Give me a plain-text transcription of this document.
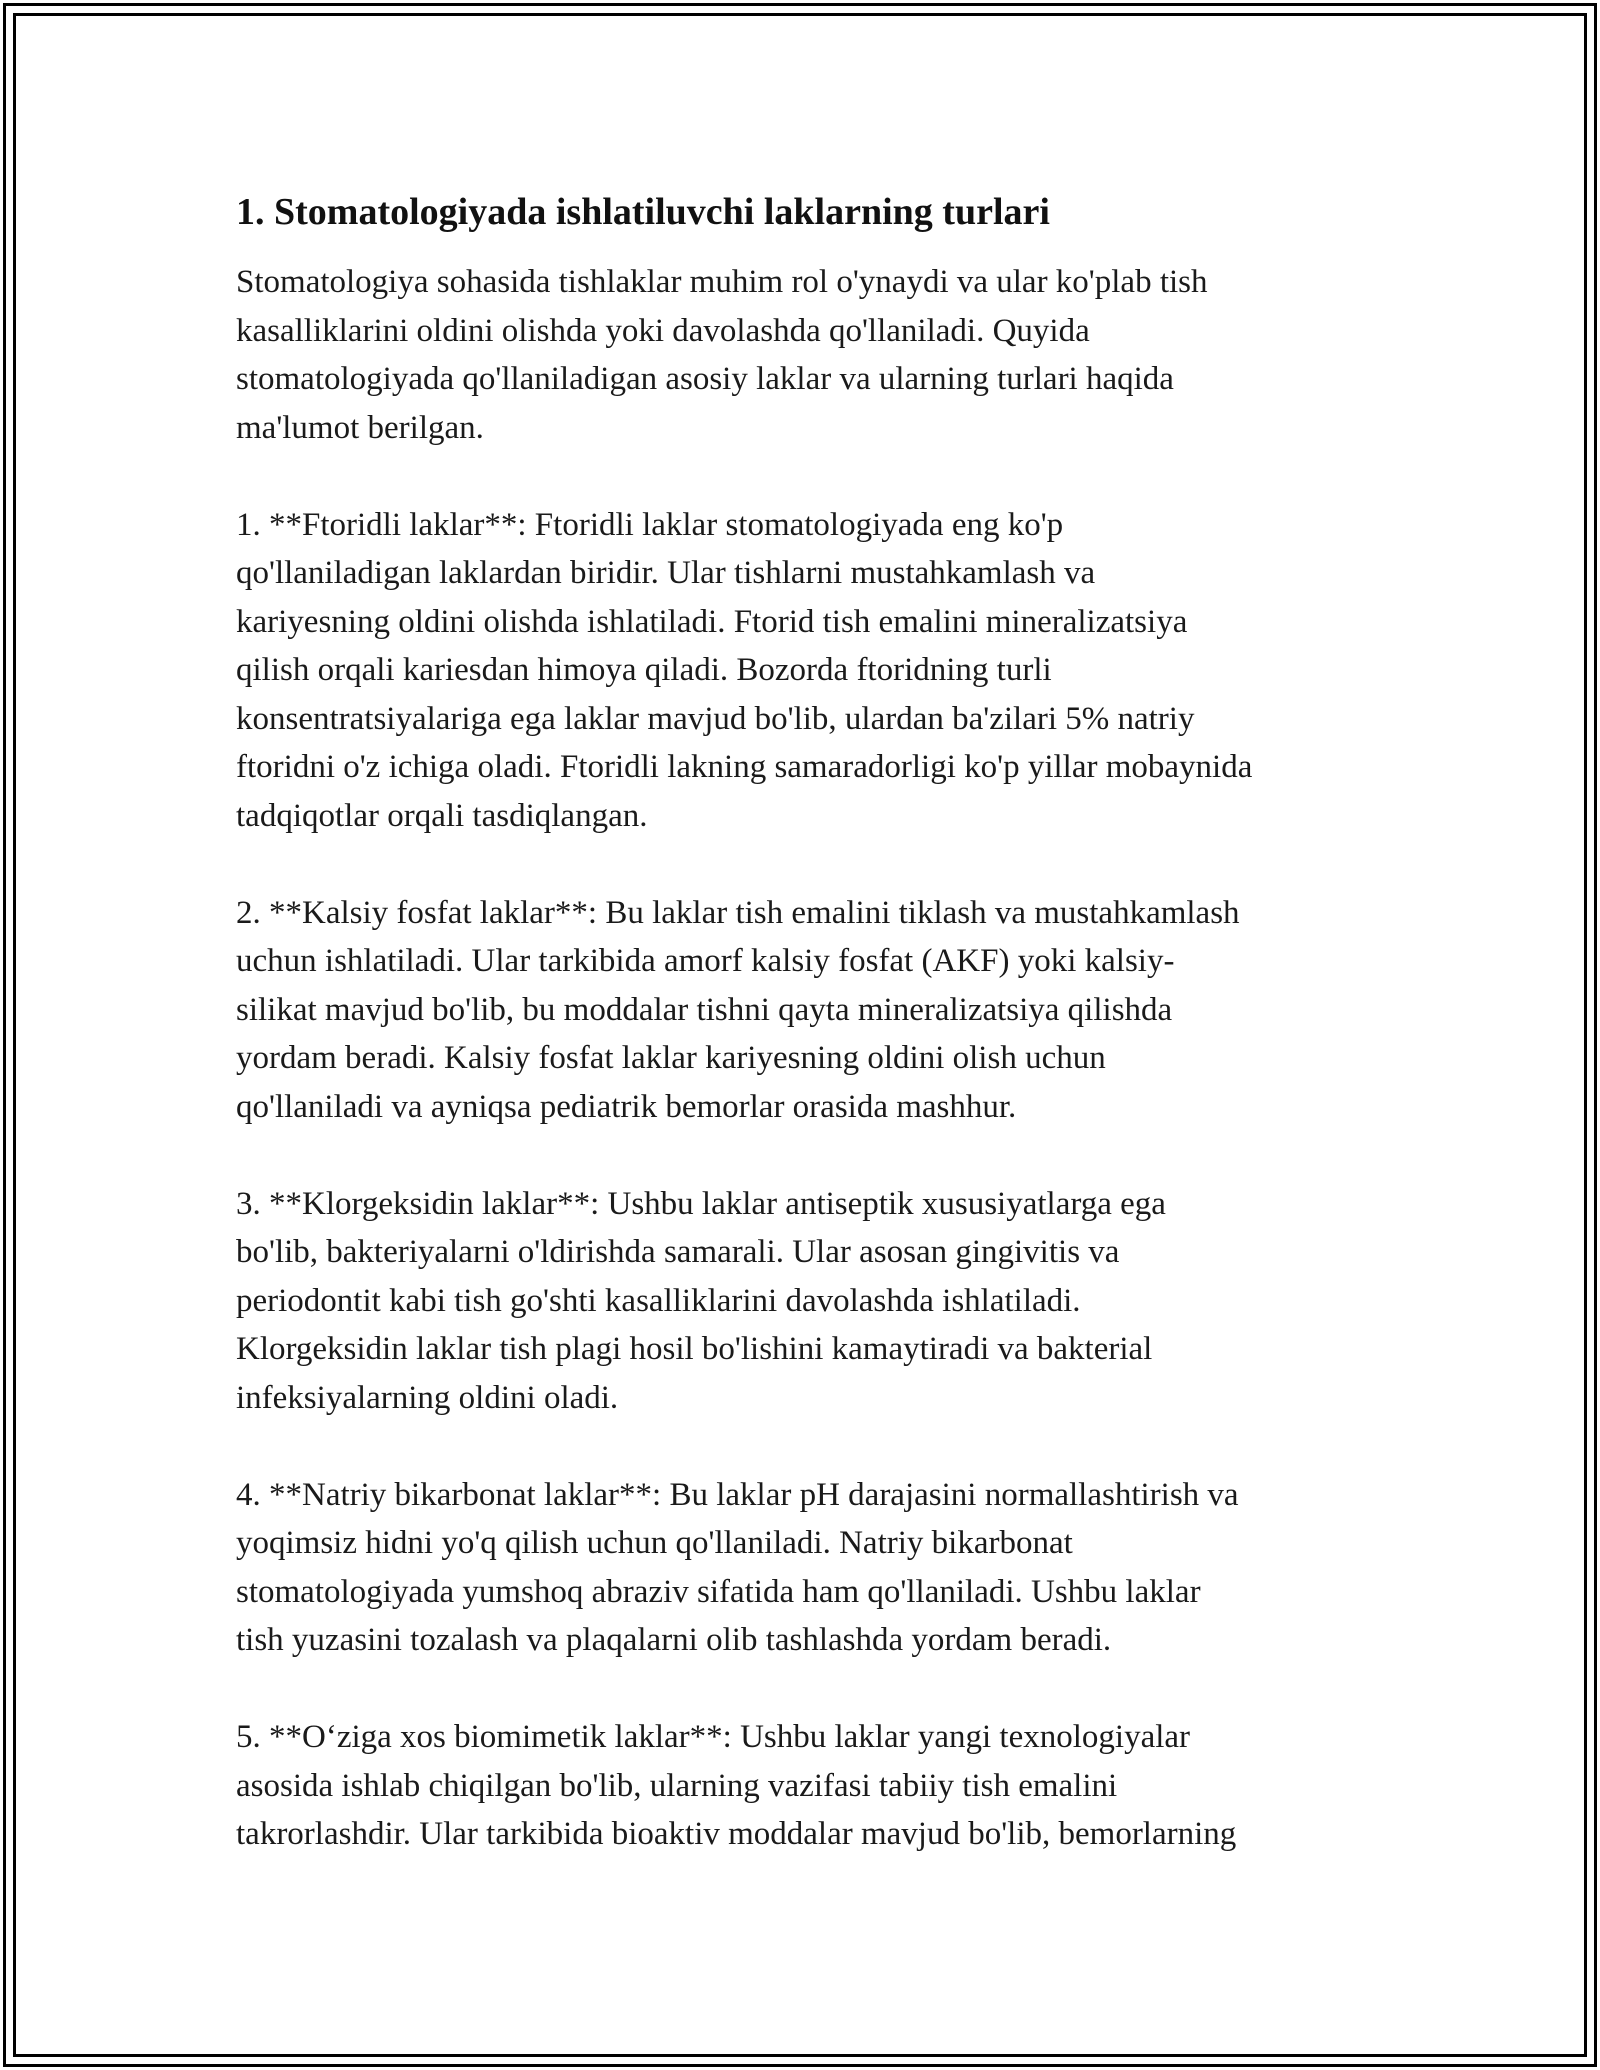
1. Stomatologiyada ishlatiluvchi laklarning turlari

Stomatologiya sohasida tishlaklar muhim rol o'ynaydi va ular ko'plab tish
kasalliklarini oldini olishda yoki davolashda qo'llaniladi. Quyida
stomatologiyada qo'llaniladigan asosiy laklar va ularning turlari haqida
ma'lumot berilgan.

1. **Ftoridli laklar**: Ftoridli laklar stomatologiyada eng ko'p
qo'llaniladigan laklardan biridir. Ular tishlarni mustahkamlash va
kariyesning oldini olishda ishlatiladi. Ftorid tish emalini mineralizatsiya
qilish orqali kariesdan himoya qiladi. Bozorda ftoridning turli
konsentratsiyalariga ega laklar mavjud bo'lib, ulardan ba'zilari 5% natriy
ftoridni o'z ichiga oladi. Ftoridli lakning samaradorligi ko'p yillar mobaynida
tadqiqotlar orqali tasdiqlangan.

2. **Kalsiy fosfat laklar**: Bu laklar tish emalini tiklash va mustahkamlash
uchun ishlatiladi. Ular tarkibida amorf kalsiy fosfat (AKF) yoki kalsiy-
silikat mavjud bo'lib, bu moddalar tishni qayta mineralizatsiya qilishda
yordam beradi. Kalsiy fosfat laklar kariyesning oldini olish uchun
qo'llaniladi va ayniqsa pediatrik bemorlar orasida mashhur.

3. **Klorgeksidin laklar**: Ushbu laklar antiseptik xususiyatlarga ega
bo'lib, bakteriyalarni o'ldirishda samarali. Ular asosan gingivitis va
periodontit kabi tish go'shti kasalliklarini davolashda ishlatiladi.
Klorgeksidin laklar tish plagi hosil bo'lishini kamaytiradi va bakterial
infeksiyalarning oldini oladi.

4. **Natriy bikarbonat laklar**: Bu laklar pH darajasini normallashtirish va
yoqimsiz hidni yo'q qilish uchun qo'llaniladi. Natriy bikarbonat
stomatologiyada yumshoq abraziv sifatida ham qo'llaniladi. Ushbu laklar
tish yuzasini tozalash va plaqalarni olib tashlashda yordam beradi.

5. **O‘ziga xos biomimetik laklar**: Ushbu laklar yangi texnologiyalar
asosida ishlab chiqilgan bo'lib, ularning vazifasi tabiiy tish emalini
takrorlashdir. Ular tarkibida bioaktiv moddalar mavjud bo'lib, bemorlarning
